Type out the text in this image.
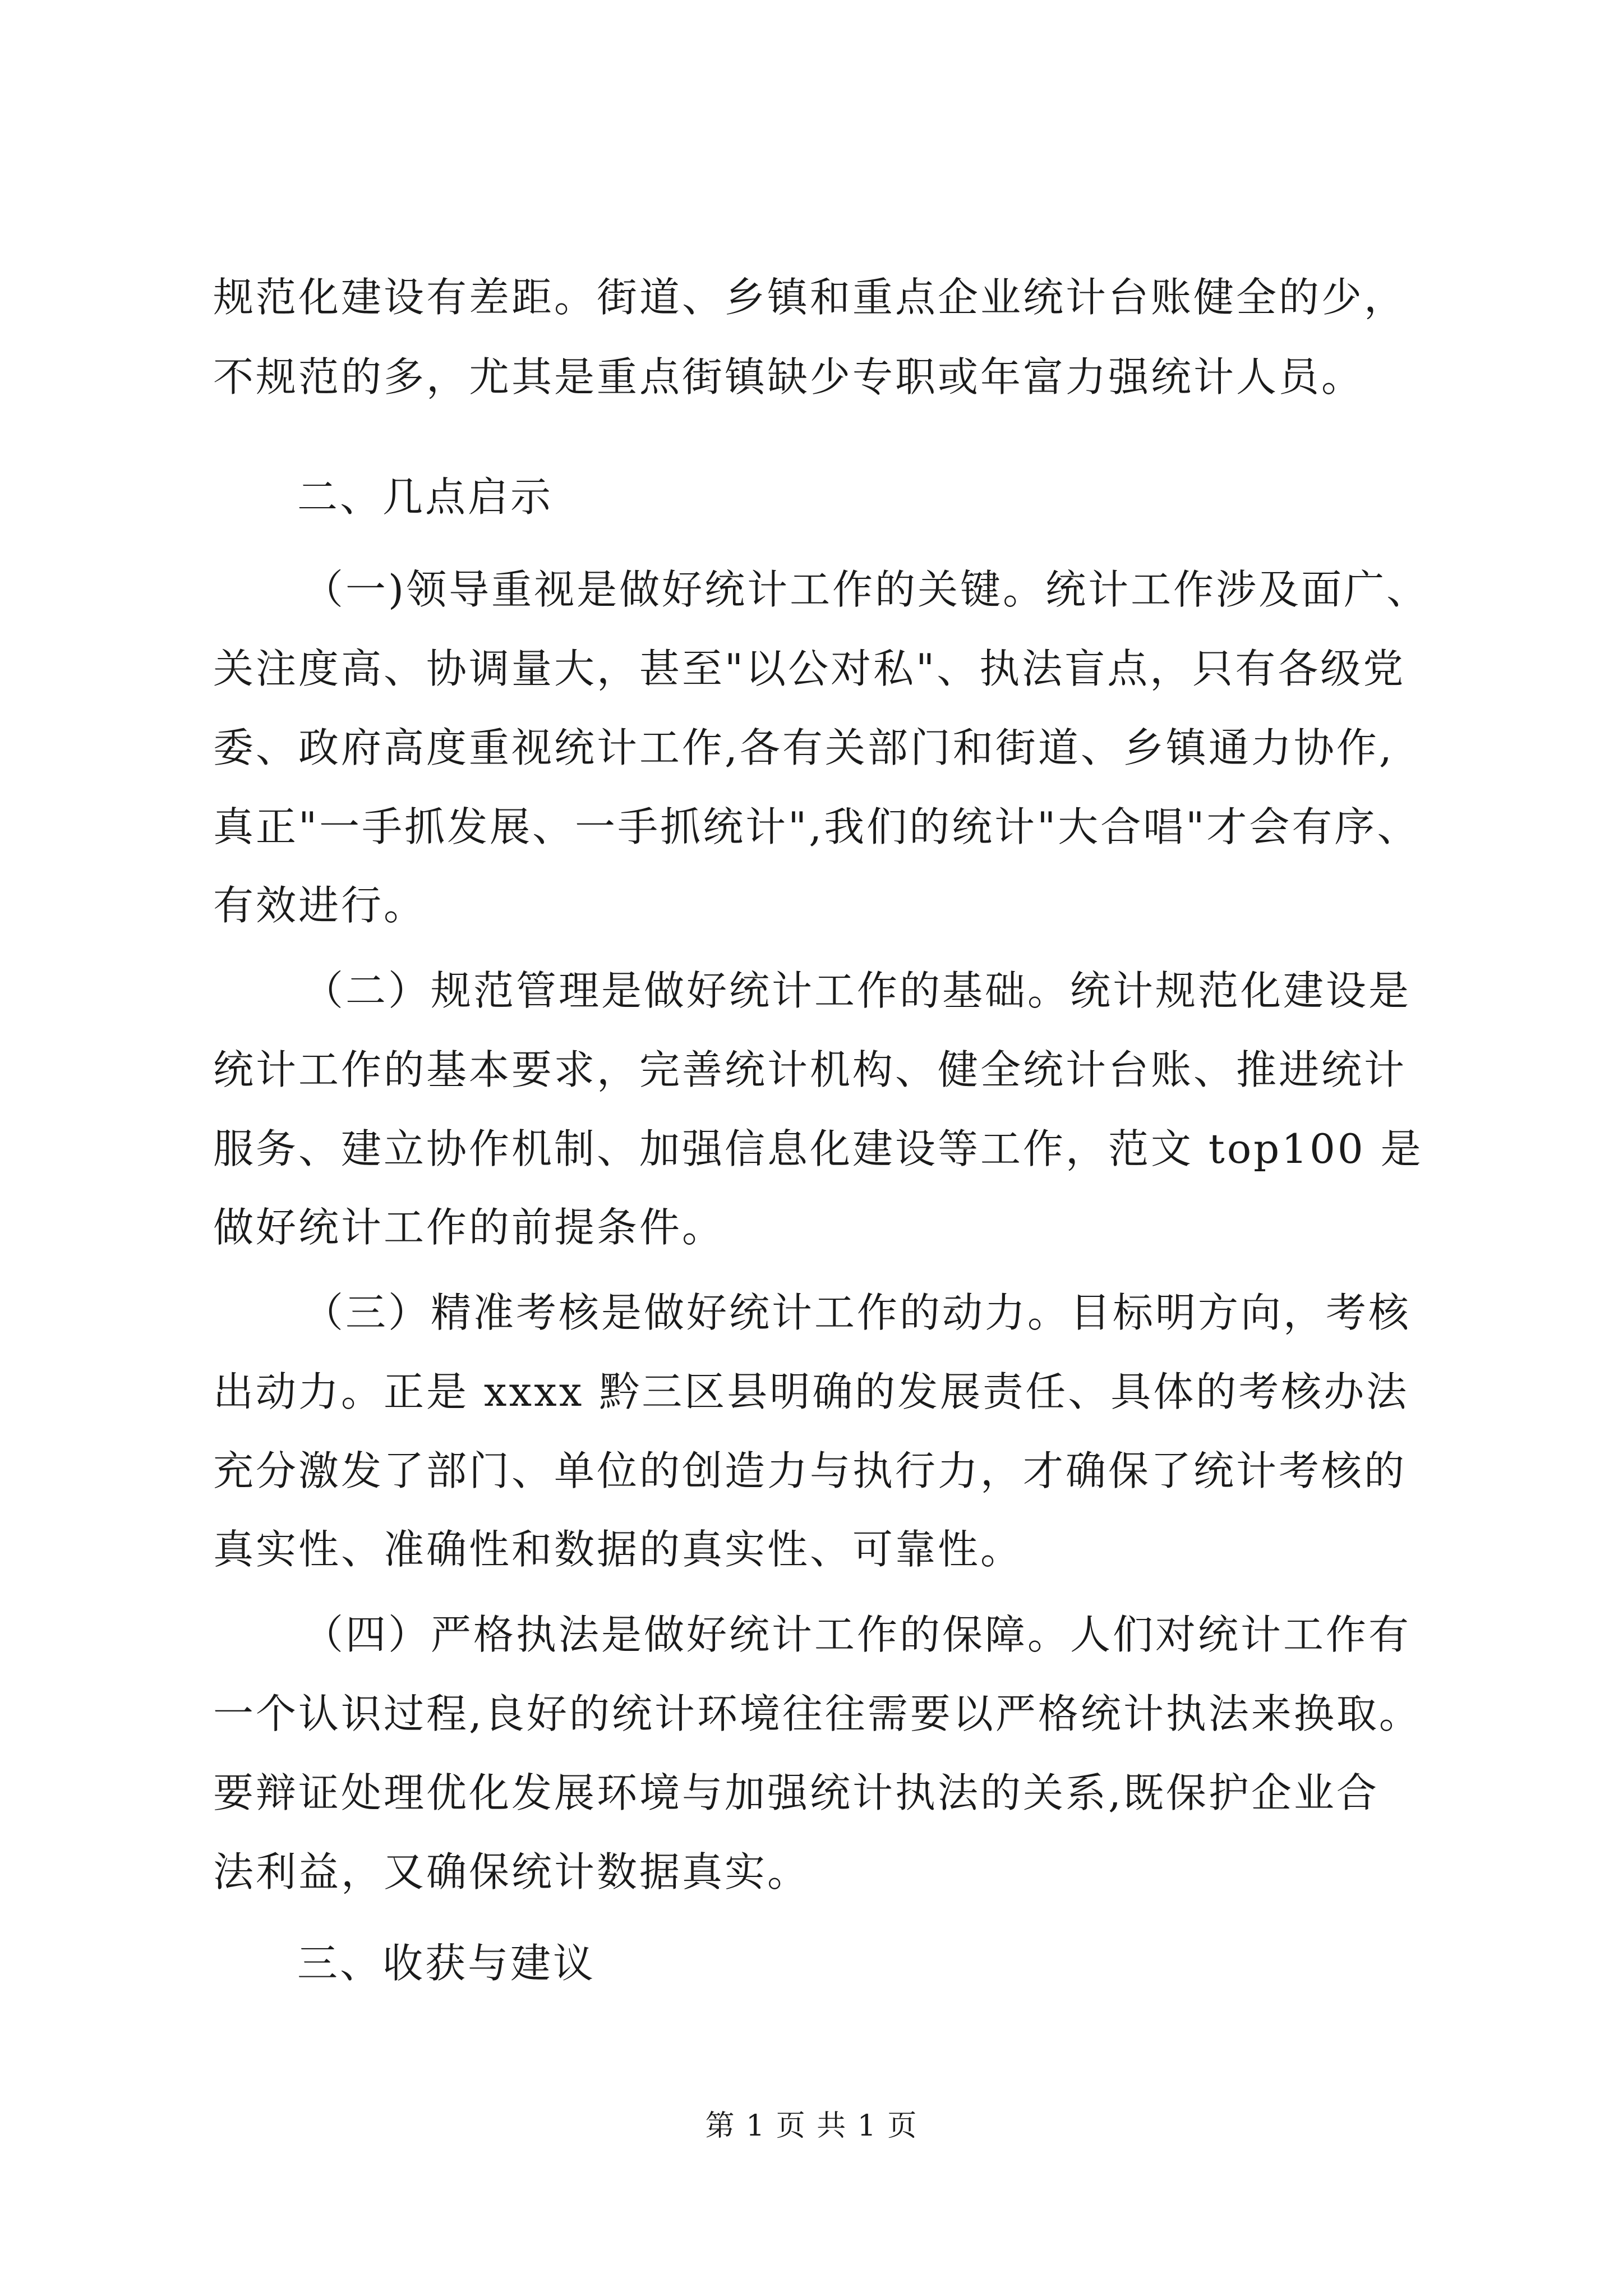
规范化建设有差距。街道、乡镇和重点企业统计台账健全的少，
不规范的多，尤其是重点街镇缺少专职或年富力强统计人员。
二、几点启示
（一)领导重视是做好统计工作的关键。统计工作涉及面广、
关注度高、协调量大，甚至"以公对私"、执法盲点，只有各级党
委、政府高度重视统计工作,各有关部门和街道、乡镇通力协作,
真正"一手抓发展、一手抓统计",我们的统计"大合唱"才会有序、
有效进行。
（二）规范管理是做好统计工作的基础。统计规范化建设是
统计工作的基本要求，完善统计机构、健全统计台账、推进统计
服务、建立协作机制、加强信息化建设等工作，范文 top100 是
做好统计工作的前提条件。
（三）精准考核是做好统计工作的动力。目标明方向，考核
出动力。正是 xxxx 黔三区县明确的发展责任、具体的考核办法
充分激发了部门、单位的创造力与执行力，才确保了统计考核的
真实性、准确性和数据的真实性、可靠性。
（四）严格执法是做好统计工作的保障。人们对统计工作有
一个认识过程,良好的统计环境往往需要以严格统计执法来换取。
要辩证处理优化发展环境与加强统计执法的关系,既保护企业合
法利益，又确保统计数据真实。
三、收获与建议
第 1 页 共 1 页
